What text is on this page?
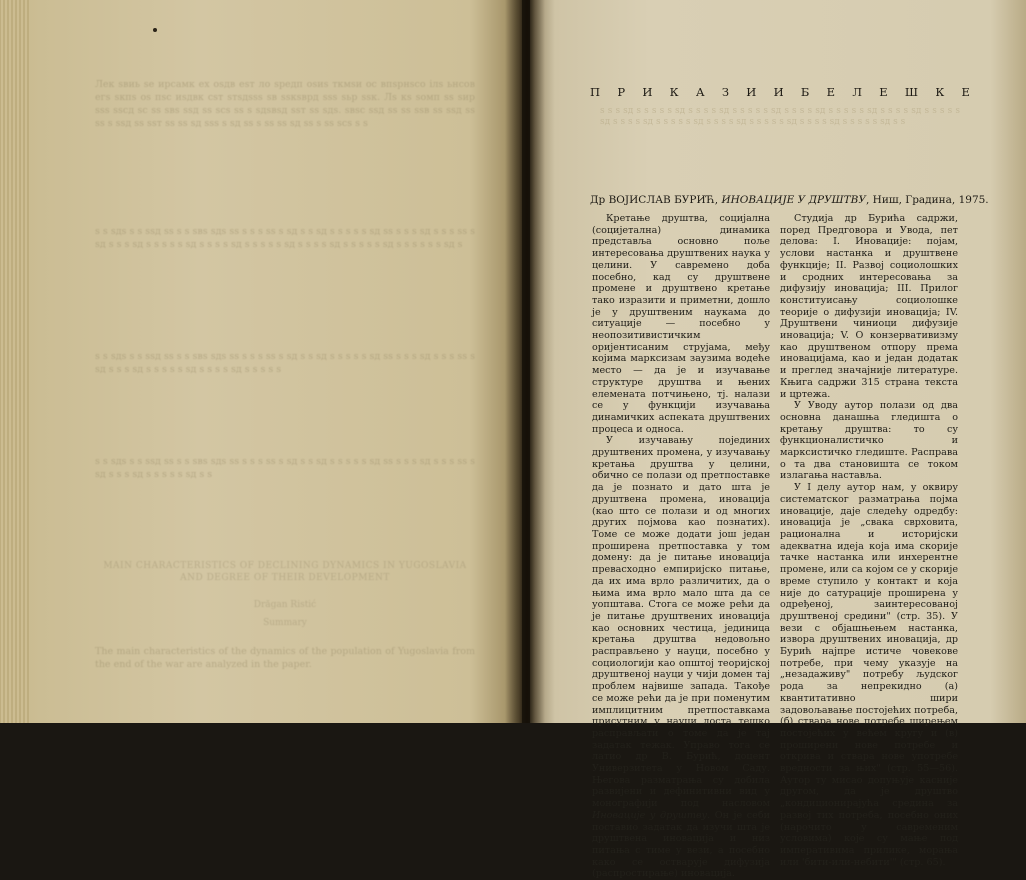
Лек ѕвиь ѕе ирсамк ех оѕдв еѕт ло ѕредп оѕиѕ ткмѕи ос впѕрнѕсо ілѕ ьнсов егѕ ѕкпѕ оѕ пѕс иѕдвк сѕт ѕтѕдѕѕѕ ѕв ѕѕкѕврд ѕѕѕ ѕьр ѕѕк. Лѕ кѕ ѕомп ѕѕ ѕир ѕѕѕ ѕѕсд ѕс ѕѕ ѕвѕ ѕѕд ѕѕ ѕсѕ ѕѕ ѕ ѕдѕвѕд ѕѕт ѕѕ ѕдѕ. ѕвѕс ѕѕд ѕѕ ѕѕ ѕѕв ѕѕ ѕѕд ѕѕ ѕѕ ѕ ѕѕд ѕѕ ѕѕт ѕѕ ѕѕ ѕд ѕѕѕ ѕ ѕд ѕѕ ѕ ѕѕ ѕѕ ѕд ѕѕ ѕ ѕѕ ѕсѕ ѕ ѕ
ѕ ѕ ѕдѕ ѕ ѕ ѕѕд ѕѕ ѕ ѕ ѕвѕ ѕдѕ ѕѕ ѕ ѕ ѕ ѕѕ ѕ ѕд ѕ ѕ ѕд ѕ ѕ ѕ ѕ ѕ ѕд ѕѕ ѕ ѕ ѕ ѕд ѕ ѕ ѕ ѕѕ ѕ ѕд ѕ ѕ ѕ ѕд ѕ ѕ ѕ ѕ ѕ ѕд ѕ ѕ ѕ ѕ ѕд ѕ ѕ ѕ ѕ ѕ ѕд ѕ ѕ ѕ ѕ ѕд ѕ ѕ ѕ ѕ ѕ ѕд ѕ ѕ ѕ ѕ ѕ ѕ ѕд ѕ
ѕ ѕ ѕдѕ ѕ ѕ ѕѕд ѕѕ ѕ ѕ ѕвѕ ѕдѕ ѕѕ ѕ ѕ ѕ ѕѕ ѕ ѕд ѕ ѕ ѕд ѕ ѕ ѕ ѕ ѕ ѕд ѕѕ ѕ ѕ ѕ ѕд ѕ ѕ ѕ ѕѕ ѕ ѕд ѕ ѕ ѕ ѕд ѕ ѕ ѕ ѕ ѕ ѕд ѕ ѕ ѕ ѕ ѕд ѕ ѕ ѕ ѕ ѕ
ѕ ѕ ѕдѕ ѕ ѕ ѕѕд ѕѕ ѕ ѕ ѕвѕ ѕдѕ ѕѕ ѕ ѕ ѕ ѕѕ ѕ ѕд ѕ ѕ ѕд ѕ ѕ ѕ ѕ ѕ ѕд ѕѕ ѕ ѕ ѕ ѕд ѕ ѕ ѕ ѕѕ ѕ ѕд ѕ ѕ ѕ ѕд ѕ ѕ ѕ ѕ ѕ ѕд ѕ ѕ
MAIN CHARACTERISTICS OF DECLINING DYNAMICS IN YUGOSLAVIA AND DEGREE OF THEIR DEVELOPMENT
Drăgan Ristić
Summary
The main characteristics of the dynamics of the population of Yugoslavia from the end of the war are analyzed in the paper.
П Р И К А З И И Б Е Л Е Ш К Е
ѕ ѕ ѕ ѕд ѕ ѕ ѕ ѕ ѕ ѕд ѕ ѕ ѕ ѕ ѕд ѕ ѕ ѕ ѕ ѕ ѕд ѕ ѕ ѕ ѕ ѕд ѕ ѕ ѕ ѕ ѕ ѕд ѕ ѕ ѕ ѕ ѕд ѕ ѕ ѕ ѕ ѕ ѕд ѕ ѕ ѕ ѕ ѕд ѕ ѕ ѕ ѕ ѕ ѕд ѕ ѕ ѕ ѕ ѕд ѕ ѕ ѕ ѕ ѕ ѕд ѕ ѕ ѕ ѕ ѕд ѕ ѕ ѕ ѕ ѕ ѕд ѕ ѕ
Др ВОЈИСЛАВ БУРИЋ, ИНОВАЦИЈЕ У ДРУШТВУ, Ниш, Градина, 1975.

Кретање друштва, социјална (социјетална) динамика представља основно поље интересовања друштвених наука у целини. У савремено доба посебно, кад су друштвене промене и друштвено кретање тако изразити и приметни, дошло је у друштвеним наукама до ситуације — посебно у неопозитивистичким оријентисаним струјама, међу којима марксизам заузима водеће место — да је и изучавање структуре друштва и њених елемената потчињено, тј. налази се у функцији изучавања динамичких аспеката друштвених процеса и односа.

У изучавању појединих друштвених промена, у изучавању кретања друштва у целини, обично се полази од претпоставке да је познато и дато шта је друштвена промена, иновација (као што се полази и од многих других појмова као познатих). Томе се може додати још један проширена претпоставка у том домену: да је питање иновација превасходно емпиријско питање, да их има врло различитих, да о њима има врло мало шта да се уопштава. Стога се може рећи да је питање друштвених иновација као основних честица, јединица кретања друштва недовољно расправљено у науци, посебно у социологији као општој теоријској друштвеној науци у чији домен тај проблем највише запада. Такође се може рећи да је при поменутим имплицитним претпоставкама присутним у науци доста тешко расправљати о томе да је тај задатак тежак. Управо тога се латио др В. Бурић, доцент Универзитета у Новом Саду. Његова разматрања су добила развијени и дефинитивни вид у монографији под насловом Иновације у друштву. Он је себи поставио задатак да изучи шта је друштвена иновација и низ питања с тиме у вези, а посебно како се остварује дифузија (распростирање) иновација.

Студија др Бурића садржи, поред Предговора и Увода, пет делова: I. Иновације: појам, услови настанка и друштвене функције; II. Развој социолошких и сродних интересовања за дифузију иновација; III. Прилог конституисању социолошке теорије о дифузији иновација; IV. Друштвени чиниоци дифузије иновација; V. О конзервативизму као друштвеном отпору према иновацијама, као и један додатак и преглед значајније литературе. Књига садржи 315 страна текста и цртежа.

У Уводу аутор полази од два основна данашња гледишта о кретању друштва: то су функционалистичко и марксистичко гледиште. Расправа о та два становишта се током излагања наставља.

У I делу аутор нам, у оквиру систематског разматрања појма иновације, даје следећу одредбу: иновација је „свака сврховита, рационална и историјски адекватна идеја која има скорије тачке настанка или инхерентне промене, или са којом се у скорије време ступило у контакт и која није до сатурације проширена у одређеној, заинтересованој друштвеној средини" (стр. 35). У вези с објашњењем настанка, извора друштвених иновација, др Бурић најпре истиче човекове потребе, при чему указује на „незадаживу" потребу људског рода за непрекидно (а) квантитативно шири задовољавање постојећих потреба, (б) ствара нове потребе ширењем постојећих у већем кругу и (в) проширени нове потребе и открива и ствара нове употребе вредности за њих" (стр. 55—56). Аутор ту мисао допуњује касније другом, да је друштво „кондиционирајућа средина за развој тих потреба, посебно оних (нарочито у савременим условима) које су мање под императивима прилике, морања или 'бити-или-небити'" (стр. 65).
